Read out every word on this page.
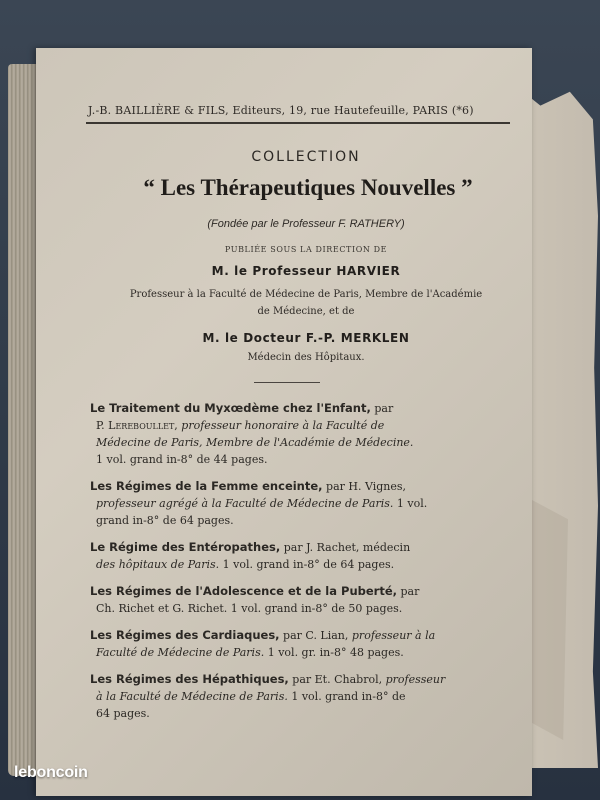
J.-B. BAILLIÈRE & FILS, Editeurs, 19, rue Hautefeuille, PARIS (*6)
COLLECTION
“ Les Thérapeutiques Nouvelles ”
(Fondée par le Professeur F. RATHERY)
PUBLIÉE SOUS LA DIRECTION DE
M. le Professeur HARVIER
Professeur à la Faculté de Médecine de Paris, Membre de l'Académie
de Médecine, et de
M. le Docteur F.-P. MERKLEN
Médecin des Hôpitaux.
Le Traitement du Myxœdème chez l'Enfant, par
P. Lereboullet, professeur honoraire à la Faculté de
Médecine de Paris, Membre de l'Académie de Médecine.
1 vol. grand in-8° de 44 pages.
Les Régimes de la Femme enceinte, par H. Vignes,
professeur agrégé à la Faculté de Médecine de Paris. 1 vol.
grand in-8° de 64 pages.
Le Régime des Entéropathes, par J. Rachet, médecin
des hôpitaux de Paris. 1 vol. grand in-8° de 64 pages.
Les Régimes de l'Adolescence et de la Puberté, par
Ch. Richet et G. Richet. 1 vol. grand in-8° de 50 pages.
Les Régimes des Cardiaques, par C. Lian, professeur à la
Faculté de Médecine de Paris. 1 vol. gr. in-8° 48 pages.
Les Régimes des Hépathiques, par Et. Chabrol, professeur
à la Faculté de Médecine de Paris. 1 vol. grand in-8° de
64 pages.
leboncoin
